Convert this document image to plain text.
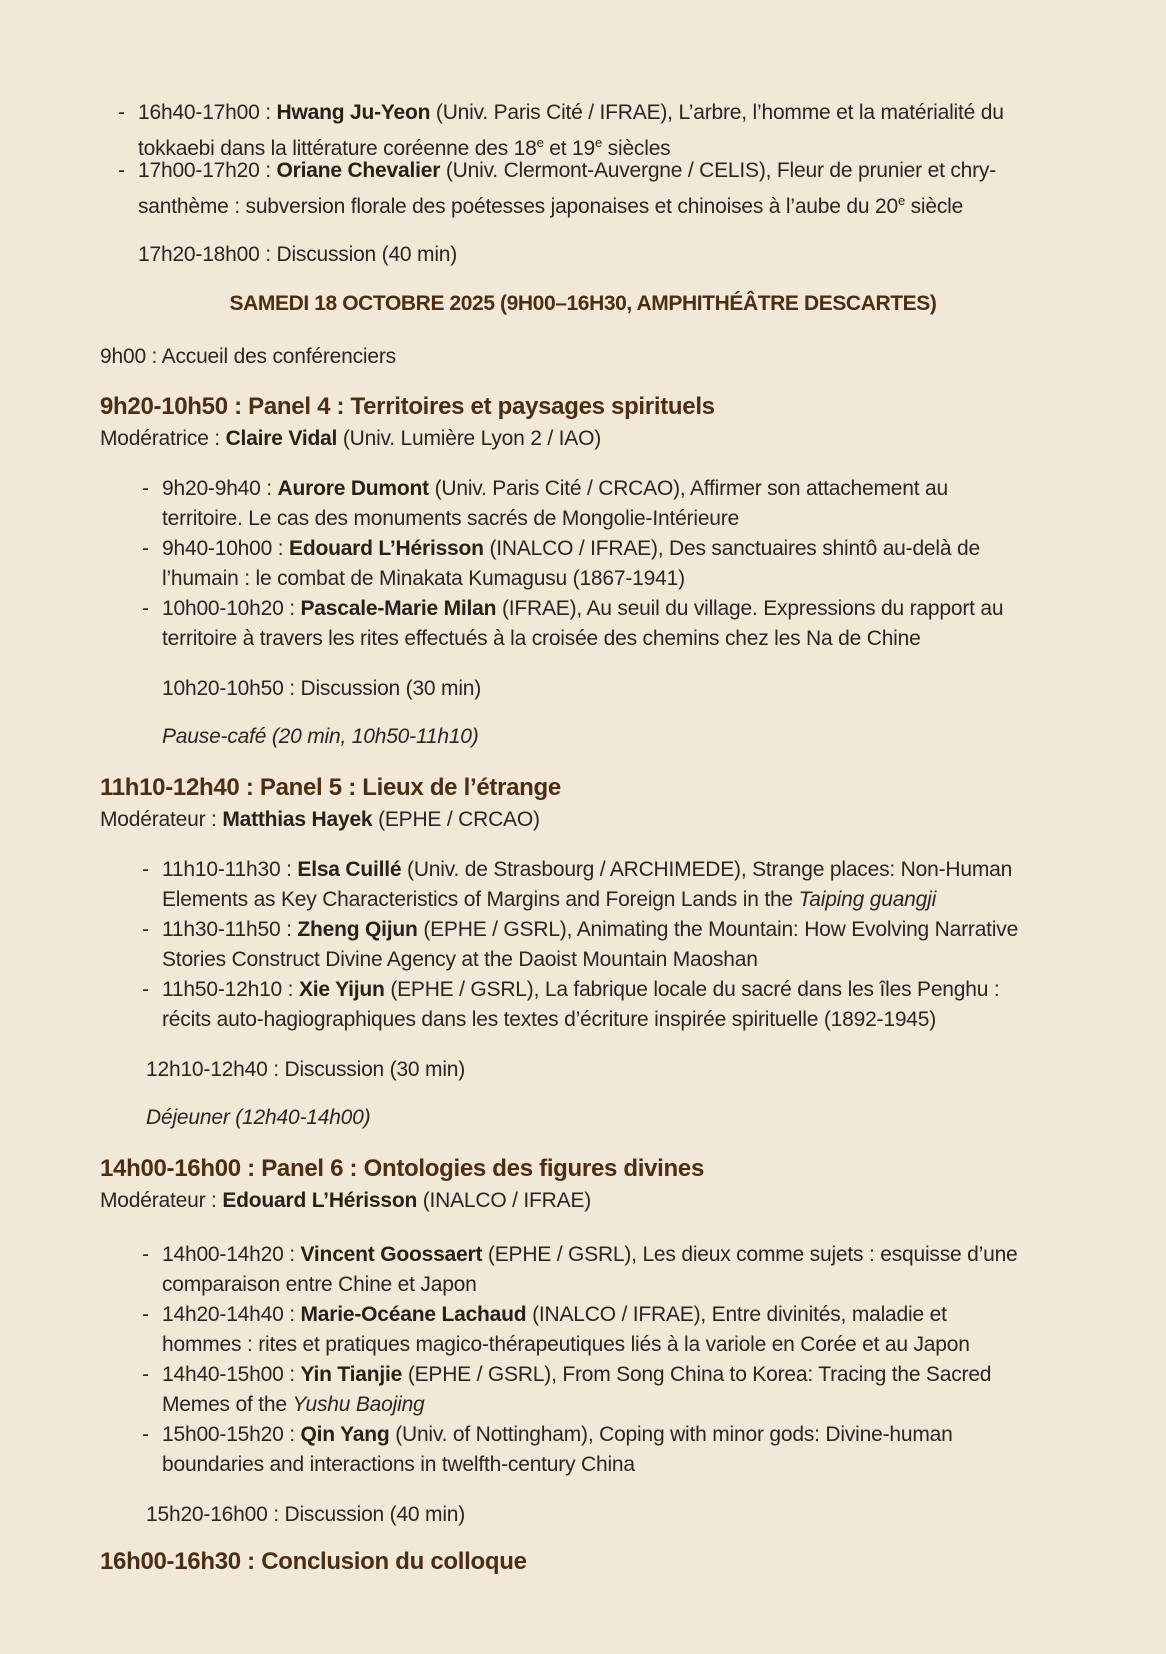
- 16h40-17h00 : Hwang Ju-Yeon (Univ. Paris Cité / IFRAE), L’arbre, l’homme et la matérialité du
tokkaebi dans la littérature coréenne des 18e et 19e siècles
- 17h00-17h20 : Oriane Chevalier (Univ. Clermont-Auvergne / CELIS), Fleur de prunier et chry-
santhème : subversion florale des poétesses japonaises et chinoises à l’aube du 20e siècle
17h20-18h00 : Discussion (40 min)
SAMEDI 18 OCTOBRE 2025 (9H00–16H30, AMPHITHÉÂTRE DESCARTES)
9h00 : Accueil des conférenciers
9h20-10h50 : Panel 4 : Territoires et paysages spirituels
Modératrice : Claire Vidal (Univ. Lumière Lyon 2 / IAO)
- 9h20-9h40 : Aurore Dumont (Univ. Paris Cité / CRCAO), Affirmer son attachement au
territoire. Le cas des monuments sacrés de Mongolie-Intérieure
- 9h40-10h00 : Edouard L’Hérisson (INALCO / IFRAE), Des sanctuaires shintô au-delà de
l’humain : le combat de Minakata Kumagusu (1867-1941)
- 10h00-10h20 : Pascale-Marie Milan (IFRAE), Au seuil du village. Expressions du rapport au
territoire à travers les rites effectués à la croisée des chemins chez les Na de Chine
10h20-10h50 : Discussion (30 min)
Pause-café (20 min, 10h50-11h10)
11h10-12h40 : Panel 5 : Lieux de l’étrange
Modérateur : Matthias Hayek (EPHE / CRCAO)
- 11h10-11h30 : Elsa Cuillé (Univ. de Strasbourg / ARCHIMEDE), Strange places: Non-Human
Elements as Key Characteristics of Margins and Foreign Lands in the Taiping guangji
- 11h30-11h50 : Zheng Qijun (EPHE / GSRL), Animating the Mountain: How Evolving Narrative
Stories Construct Divine Agency at the Daoist Mountain Maoshan
- 11h50-12h10 : Xie Yijun (EPHE / GSRL), La fabrique locale du sacré dans les îles Penghu :
récits auto-hagiographiques dans les textes d’écriture inspirée spirituelle (1892-1945)
12h10-12h40 : Discussion (30 min)
Déjeuner (12h40-14h00)
14h00-16h00 : Panel 6 : Ontologies des figures divines
Modérateur : Edouard L’Hérisson (INALCO / IFRAE)
- 14h00-14h20 : Vincent Goossaert (EPHE / GSRL), Les dieux comme sujets : esquisse d’une
comparaison entre Chine et Japon
- 14h20-14h40 : Marie-Océane Lachaud (INALCO / IFRAE), Entre divinités, maladie et
hommes : rites et pratiques magico-thérapeutiques liés à la variole en Corée et au Japon
- 14h40-15h00 : Yin Tianjie (EPHE / GSRL), From Song China to Korea: Tracing the Sacred
Memes of the Yushu Baojing
- 15h00-15h20 : Qin Yang (Univ. of Nottingham), Coping with minor gods: Divine-human
boundaries and interactions in twelfth-century China
15h20-16h00 : Discussion (40 min)
16h00-16h30 : Conclusion du colloque
